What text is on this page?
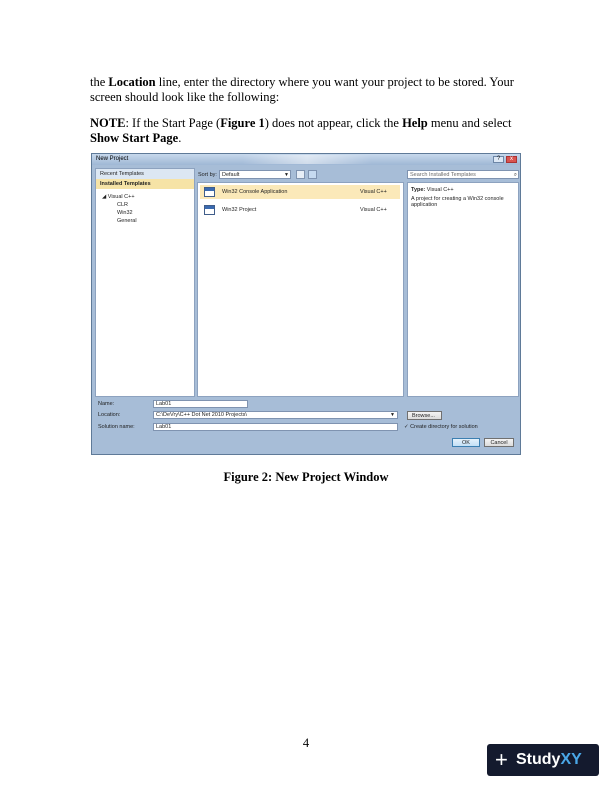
the Location line, enter the directory where you want your project to be stored. Your screen should look like the following:
NOTE: If the Start Page (Figure 1) does not appear, click the Help menu and select Show Start Page.
New Project	?	x
Recent Templates
Installed Templates
◢ Visual C++
CLR
Win32
General
Sort by: Default	▼	Search Installed Templates	⌕
Win32 Console Application	Visual C++
Win32 Project	Visual C++
Type: Visual C++
A project for creating a Win32 console application
Name:	Lab01
Location:	C:\DeVry\C++ Dot Net 2010 Projects\	▼	Browse...
Solution name:	Lab01	✓ Create directory for solution
OK	Cancel
Figure 2: New Project Window
4
+ StudyXY
